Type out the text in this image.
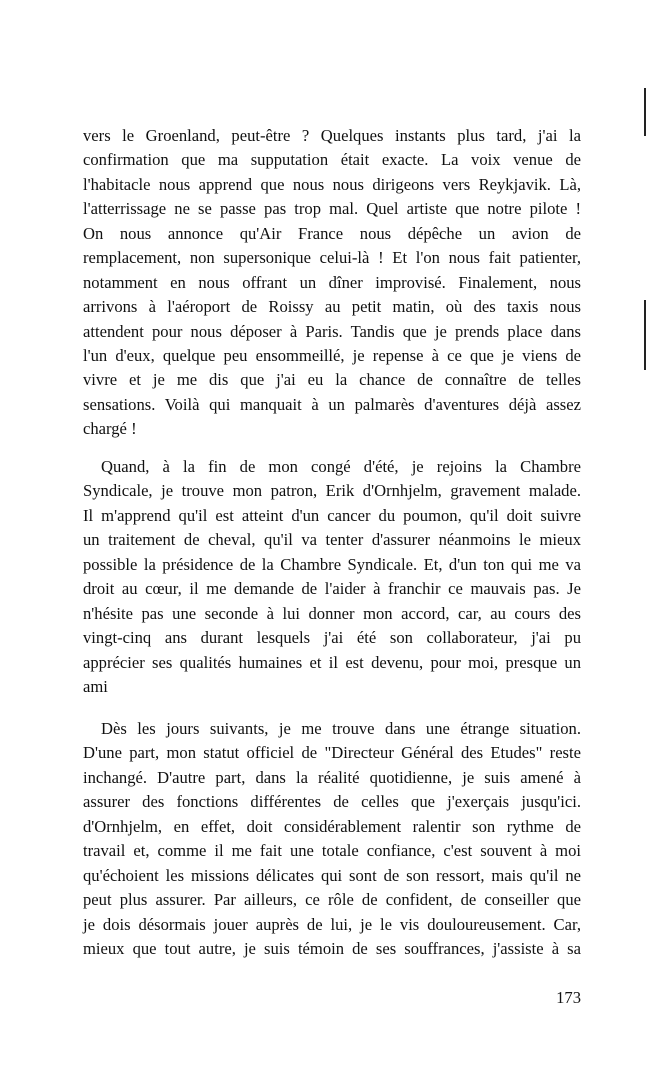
vers le Groenland, peut-être ? Quelques instants plus tard, j'ai la
confirmation que ma supputation était exacte. La voix venue de
l'habitacle nous apprend que nous nous dirigeons vers Reykjavik. Là,
l'atterrissage ne se passe pas trop mal. Quel artiste que notre pilote !
On nous annonce qu'Air France nous dépêche un avion de
remplacement, non supersonique celui-là ! Et l'on nous fait patienter,
notamment en nous offrant un dîner improvisé. Finalement, nous
arrivons à l'aéroport de Roissy au petit matin, où des taxis nous
attendent pour nous déposer à Paris. Tandis que je prends place dans
l'un d'eux, quelque peu ensommeillé, je repense à ce que je viens de
vivre et je me dis que j'ai eu la chance de connaître de telles
sensations. Voilà qui manquait à un palmarès d'aventures déjà assez
chargé !
Quand, à la fin de mon congé d'été, je rejoins la Chambre
Syndicale, je trouve mon patron, Erik d'Ornhjelm, gravement malade.
Il m'apprend qu'il est atteint d'un cancer du poumon, qu'il doit suivre
un traitement de cheval, qu'il va tenter d'assurer néanmoins le mieux
possible la présidence de la Chambre Syndicale. Et, d'un ton qui me va
droit au cœur, il me demande de l'aider à franchir ce mauvais pas. Je
n'hésite pas une seconde à lui donner mon accord, car, au cours des
vingt-cinq ans durant lesquels j'ai été son collaborateur, j'ai pu
apprécier ses qualités humaines et il est devenu, pour moi, presque un
ami
Dès les jours suivants, je me trouve dans une étrange situation.
D'une part, mon statut officiel de "Directeur Général des Etudes" reste
inchangé. D'autre part, dans la réalité quotidienne, je suis amené à
assurer des fonctions différentes de celles que j'exerçais jusqu'ici.
d'Ornhjelm, en effet, doit considérablement ralentir son rythme de
travail et, comme il me fait une totale confiance, c'est souvent à moi
qu'échoient les missions délicates qui sont de son ressort, mais qu'il ne
peut plus assurer. Par ailleurs, ce rôle de confident, de conseiller que
je dois désormais jouer auprès de lui, je le vis douloureusement. Car,
mieux que tout autre, je suis témoin de ses souffrances, j'assiste à sa
173
